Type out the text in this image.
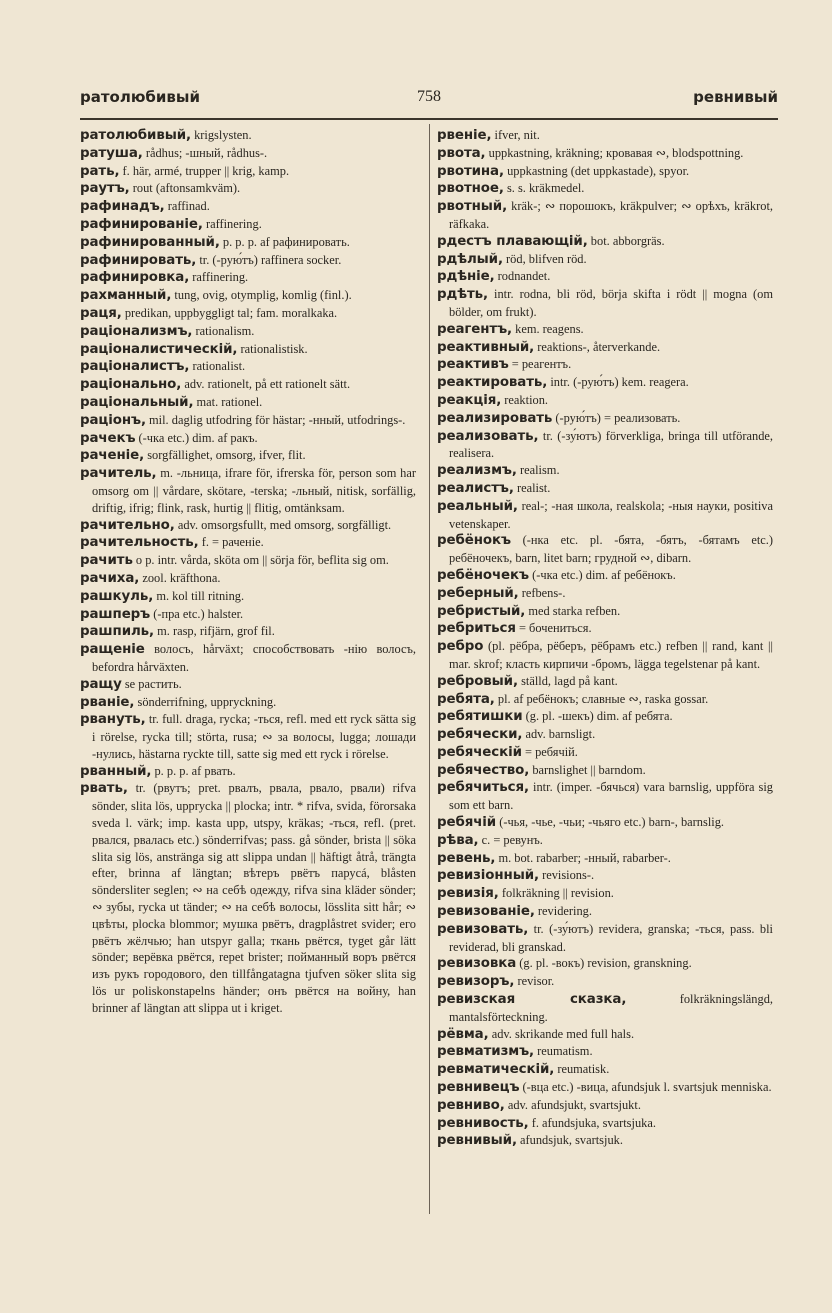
ратолюбивый	758	ревнивый

ратолюбивый, krigslysten.

ратуша, rådhus; -шный, rådhus-.

рать, f. här, armé, trupper || krig, kamp.

раутъ, rout (aftonsamkväm).

рафинадъ, raffinad.

рафинированіе, raffinering.

рафинированный, p. p. p. af рафинировать.

рафинировать, tr. (-рую́тъ) raffinera socker.

рафинировка, raffinering.

рахманный, tung, ovig, otymplig, komlig (finl.).

раця, predikan, uppbyggligt tal; fam. moralkaka.

раціонализмъ, rationalism.

раціоналистическій, rationalistisk.

раціоналистъ, rationalist.

раціонально, adv. rationelt, på ett rationelt sätt.

раціональный, mat. rationel.

раціонъ, mil. daglig utfodring för hästar; -нный, utfodrings-.

рачекъ (-чка etc.) dim. af ракъ.

раченіе, sorgfällighet, omsorg, ifver, flit.

рачитель, m. -льница, ifrare för, ifrerska för, person som har omsorg om || vårdare, skötare, -terska; -льный, nitisk, sorfällig, driftig, ifrig; flink, rask, hurtig || flitig, omtänksam.

рачительно, adv. omsorgsfullt, med omsorg, sorgfälligt.

рачительность, f. = раченіе.

рачить o p. intr. vårda, sköta om || sörja för, beflita sig om.

рачиха, zool. kräfthona.

рашкуль, m. kol till ritning.

рашперъ (-пра etc.) halster.

рашпиль, m. rasp, rifjärn, grof fil.

ращеніе волосъ, hårväxt; способствовать -нію волосъ, befordra hårväxten.

ращу se растить.

рваніе, sönderrifning, uppryckning.

рвануть, tr. full. draga, rycka; -ться, refl. med ett ryck sätta sig i rörelse, rycka till; störta, rusa; ∾ за волосы, lugga; лошади -нулись, hästarna ryckte till, satte sig med ett ryck i rörelse.

рванный, p. p. p. af рвать.

рвать, tr. (рвутъ; pret. рвалъ, рвала, рвало, рвали) rifva sönder, slita lös, uppryckа || plocka; intr. * rifva, svida, förorsaka sveda l. värk; imp. kasta upp, utspy, kräkas; -ться, refl. (pret. рвался, рвалась etc.) sönderrifvas; pass. gå sönder, brista || söka slita sig lös, anstränga sig att slippa undan || häftigt åtrå, trängta efter, brinna af längtan; вѣтеръ рвётъ парусá, blåsten söndersliter seglen; ∾ на себѣ одежду, rifva sina kläder sönder; ∾ зубы, rycka ut tänder; ∾ на себѣ волосы, lösslita sitt hår; ∾ цвѣты, plocka blommor; мушка рвётъ, dragplåstret svider; его рвётъ жёлчью; han utspyr galla; ткань рвётся, tyget går lätt sönder; верёвка рвётся, repet brister; пойманный воръ рвётся изъ рукъ городового, den tillfångatagna tjufven söker slita sig lös ur poliskonstapelns händer; онъ рвётся на войну, han brinner af längtan att slippa ut i kriget.

рвеніе, ifver, nit.

рвота, uppkastning, kräkning; кровавая ∾, blodspottning.

рвотина, uppkastning (det uppkastade), spyor.

рвотное, s. s. kräkmedel.

рвотный, kräk-; ∾ порошокъ, kräkpulver; ∾ орѣхъ, kräkrot, räfkaka.

рдестъ плавающій, bot. abborgräs.

рдѣлый, röd, blifven röd.

рдѣніе, rodnandet.

рдѣть, intr. rodna, bli röd, börja skifta i rödt || mogna (om bölder, om frukt).

реагентъ, kem. reagens.

реактивный, reaktions-, återverkande.

реактивъ = реагентъ.

реактировать, intr. (-рую́тъ) kem. reagera.

реакція, reaktion.

реализировать (-рую́тъ) = реализовать.

реализовать, tr. (-зу́ютъ) förverkliga, bringa till utförande, realisera.

реализмъ, realism.

реалистъ, realist.

реальный, real-; -ная школа, realskola; -ныя науки, positiva vetenskaper.

ребёнокъ (-нка etc. pl. -бята, -бятъ, -бятамъ etc.) ребёночекъ, barn, litet barn; грудной ∾, dibarn.

ребёночекъ (-чка etc.) dim. af ребёнокъ.

реберный, refbens-.

ребристый, med starka refben.

ребриться = бочениться.

ребро (pl. рёбра, рёберъ, рёбрамъ etc.) refben || rand, kant || mar. skrof; класть кирпичи -бромъ, lägga tegelstenar på kant.

ребровый, ställd, lagd på kant.

ребята, pl. af ребёнокъ; славные ∾, raska gossar.

ребятишки (g. pl. -шекъ) dim. af ребята.

ребячески, adv. barnsligt.

ребяческій = ребячій.

ребячество, barnslighet || barndom.

ребячиться, intr. (imper. -бячься) vara barnslig, uppföra sig som ett barn.

ребячій (-чья, -чье, -чьи; -чьяго etc.) barn-, barnslig.

рѣва, c. = ревунъ.

ревень, m. bot. rabarber; -нный, rabarber-.

ревизіонный, revisions-.

ревизія, folkräkning || revision.

ревизованіе, revidering.

ревизовать, tr. (-зу́ютъ) revidera, granska; -ться, pass. bli reviderad, bli granskad.

ревизовка (g. pl. -вокъ) revision, granskning.

ревизоръ, revisor.

ревизская сказка, folkräkningslängd, mantalsförteckning.

рёвма, adv. skrikande med full hals.

ревматизмъ, reumatism.

ревматическій, reumatisk.

ревнивецъ (-вца etc.) -вица, afundsjuk l. svartsjuk menniska.

ревниво, adv. afundsjukt, svartsjukt.

ревнивость, f. afundsjuka, svartsjuka.

ревнивый, afundsjuk, svartsjuk.
